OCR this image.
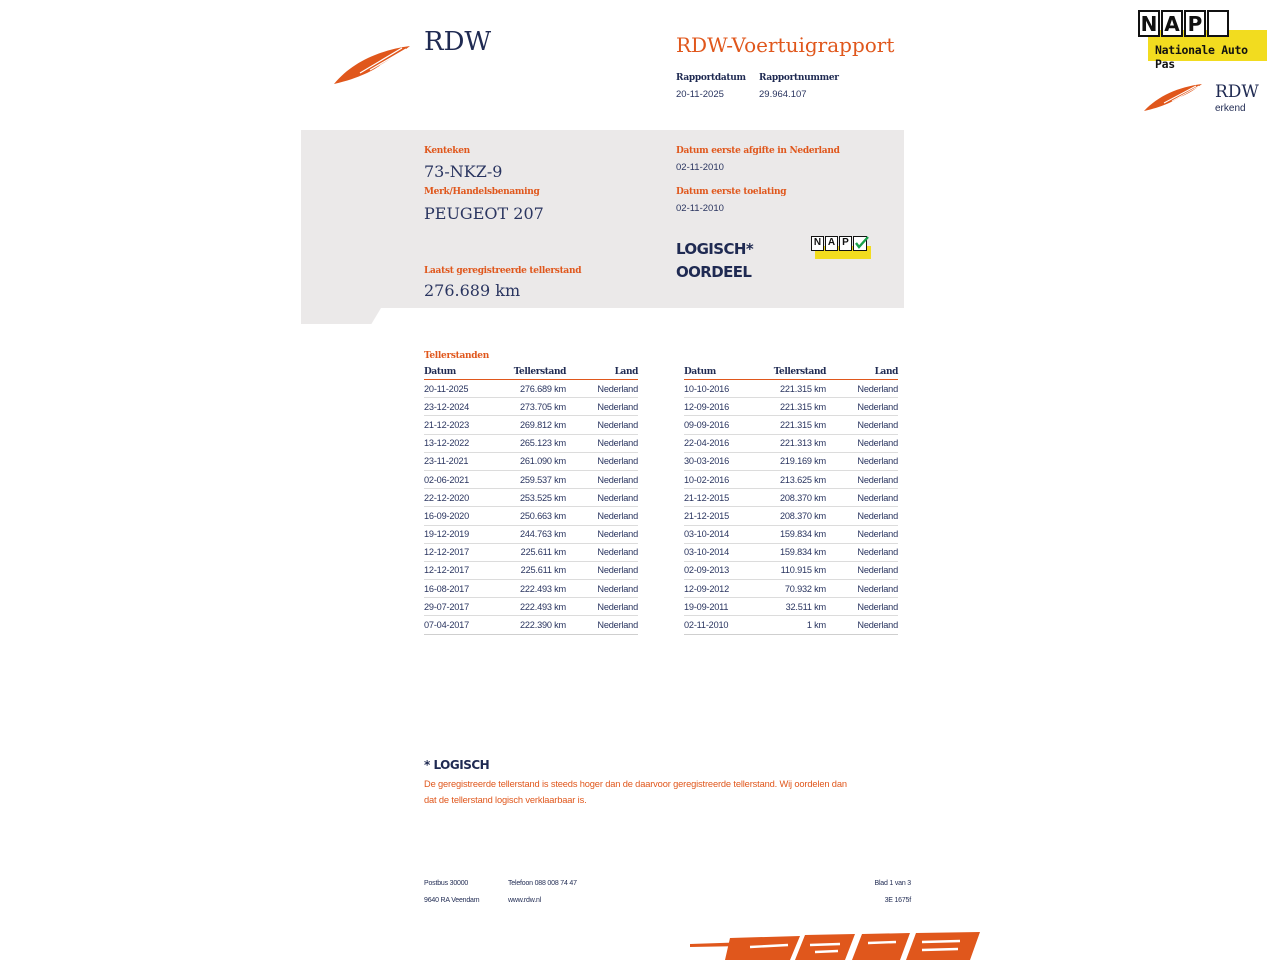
RDW	RDW-Voertuigrapport
Rapportdatum
20-11-2025
Rapportnummer
29.964.107
N A P
Nationale Auto Pas
RDW
erkend
Kenteken
73-NKZ-9
Merk/Handelsbenaming
PEUGEOT 207
Laatst geregistreerde tellerstand
276.689 km
Datum eerste afgifte in Nederland
02-11-2010
Datum eerste toelating
02-11-2010
LOGISCH*
OORDEEL
N A P
Tellerstanden
Datum	Tellerstand	Land
20-11-2025	276.689 km	Nederland
23-12-2024	273.705 km	Nederland
21-12-2023	269.812 km	Nederland
13-12-2022	265.123 km	Nederland
23-11-2021	261.090 km	Nederland
02-06-2021	259.537 km	Nederland
22-12-2020	253.525 km	Nederland
16-09-2020	250.663 km	Nederland
19-12-2019	244.763 km	Nederland
12-12-2017	225.611 km	Nederland
12-12-2017	225.611 km	Nederland
16-08-2017	222.493 km	Nederland
29-07-2017	222.493 km	Nederland
07-04-2017	222.390 km	Nederland
Datum	Tellerstand	Land
10-10-2016	221.315 km	Nederland
12-09-2016	221.315 km	Nederland
09-09-2016	221.315 km	Nederland
22-04-2016	221.313 km	Nederland
30-03-2016	219.169 km	Nederland
10-02-2016	213.625 km	Nederland
21-12-2015	208.370 km	Nederland
21-12-2015	208.370 km	Nederland
03-10-2014	159.834 km	Nederland
03-10-2014	159.834 km	Nederland
02-09-2013	110.915 km	Nederland
12-09-2012	70.932 km	Nederland
19-09-2011	32.511 km	Nederland
02-11-2010	1 km	Nederland
* LOGISCH
De geregistreerde tellerstand is steeds hoger dan de daarvoor geregistreerde tellerstand. Wij oordelen dan
dat de tellerstand logisch verklaarbaar is.
Postbus 30000
9640 RA Veendam
Telefoon 088 008 74 47
www.rdw.nl
Blad 1 van 3
3E 1675f
